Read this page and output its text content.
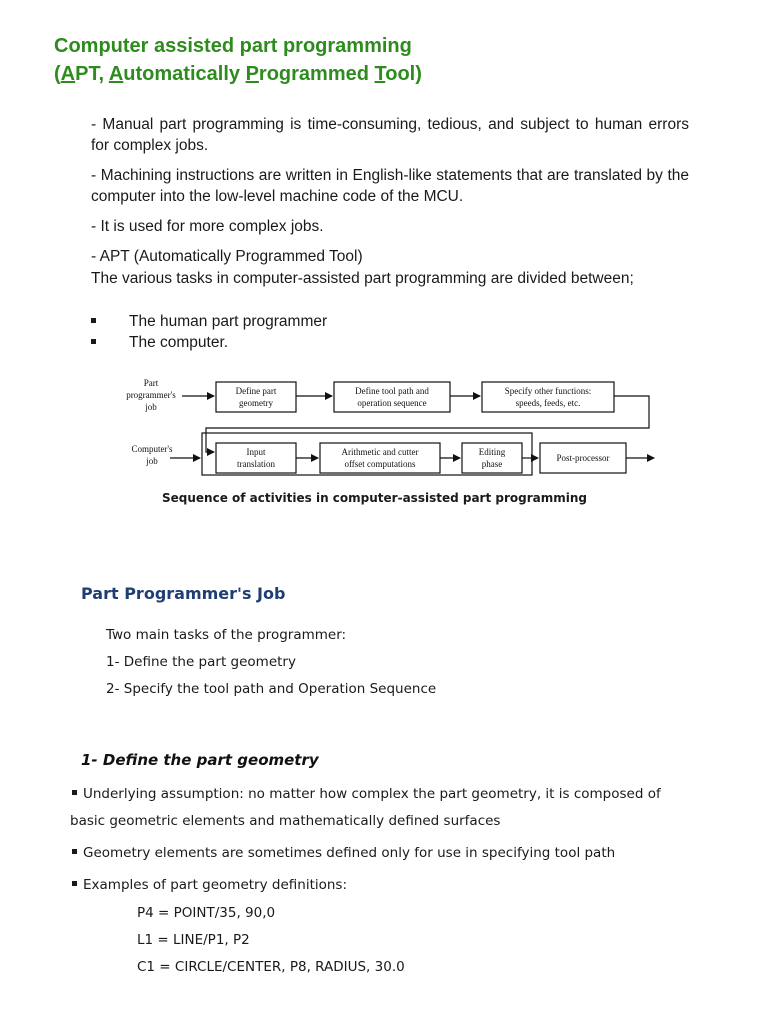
Computer assisted part programming
(APT, Automatically Programmed Tool)

- Manual part programming is time-consuming, tedious, and subject to human errors for complex jobs.

- Machining instructions are written in English-like statements that are translated by the computer into the low-level machine code of the MCU.

- It is used for more complex jobs.

- APT (Automatically Programmed Tool)

The various tasks in computer-assisted part programming are divided between;

The human part programmer

The computer.

Part
programmer's
job
Define part
geometry
Define tool path and
operation sequence
Specify other functions:
speeds, feeds, etc.
Computer's
job
Input
translation
Arithmetic and cutter
offset computations
Editing
phase
Post-processor

Sequence of activities in computer-assisted part programming

Part Programmer's Job

Two main tasks of the programmer:

1- Define the part geometry

2- Specify the tool path and Operation Sequence

1- Define the part geometry

Underlying assumption: no matter how complex the part geometry, it is composed of

basic geometric elements and mathematically defined surfaces

Geometry elements are sometimes defined only for use in specifying tool path

Examples of part geometry definitions:

P4 = POINT/35, 90,0

L1 = LINE/P1, P2

C1 = CIRCLE/CENTER, P8, RADIUS, 30.0
